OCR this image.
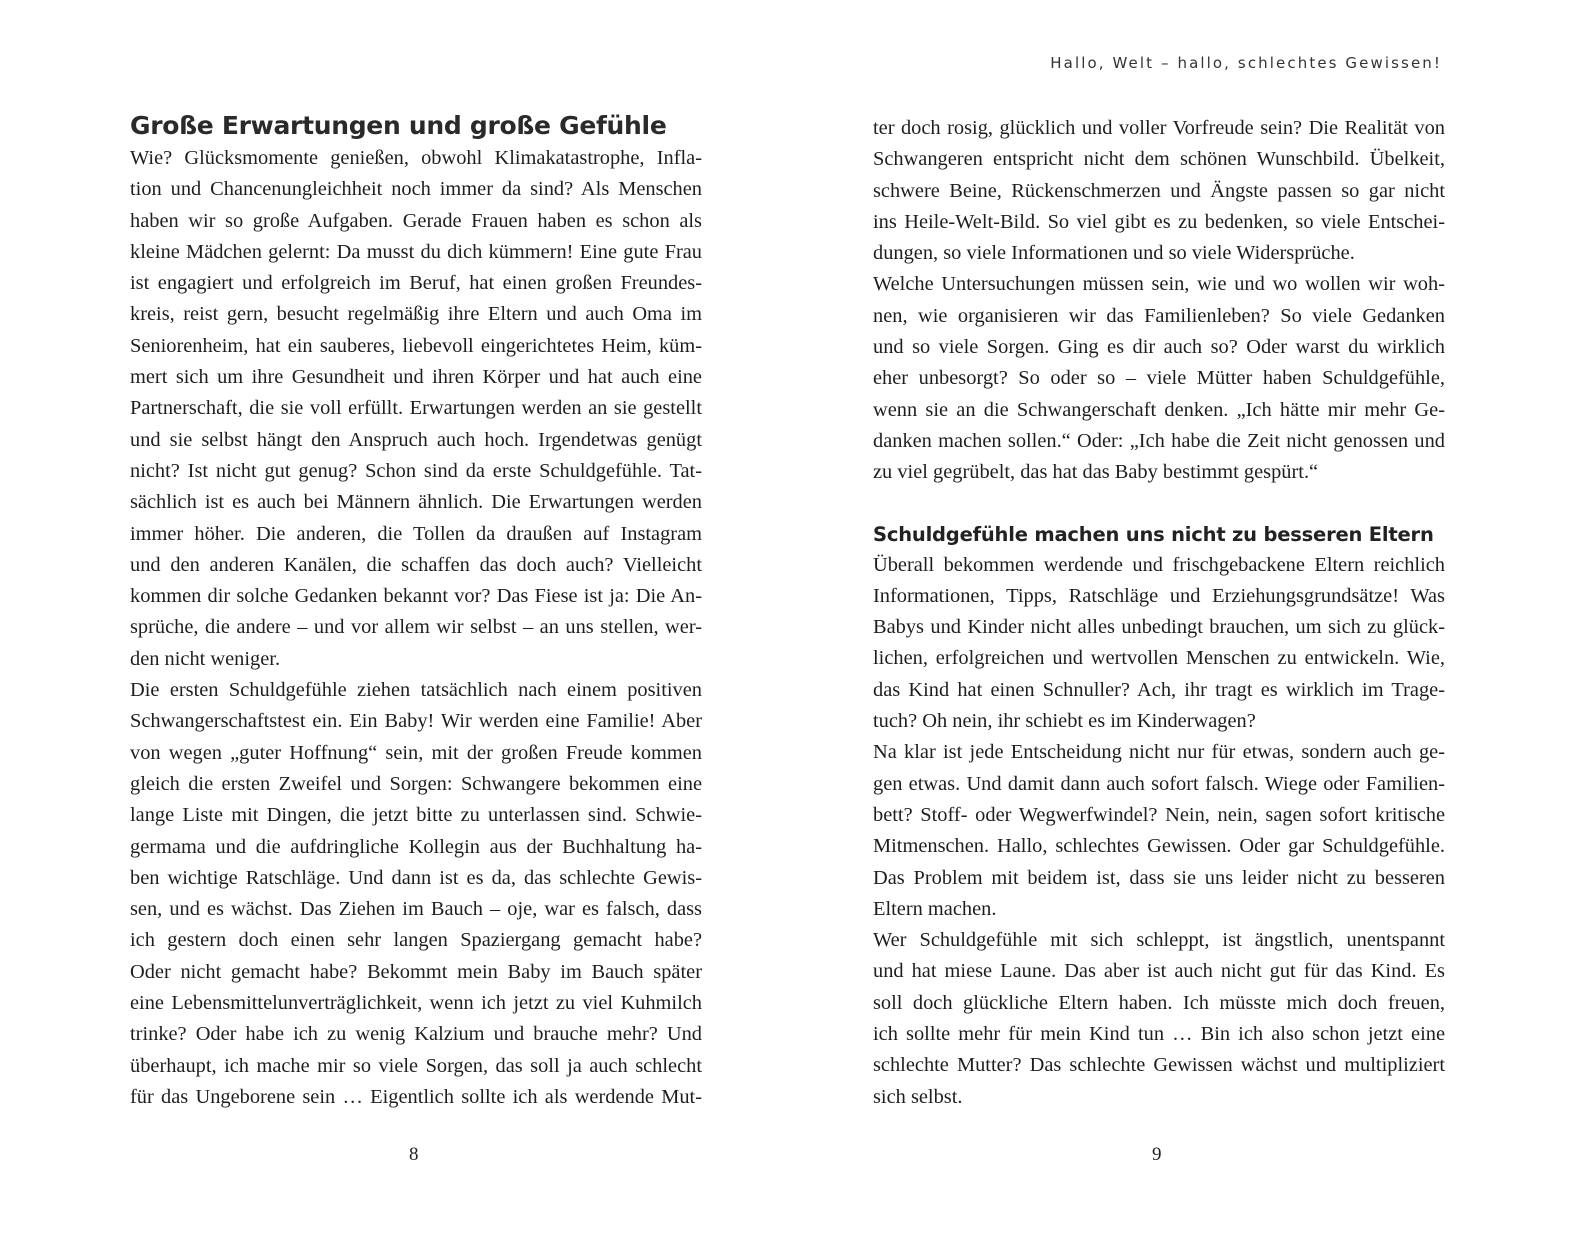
Große Erwartungen und große Gefühle
Wie? Glücksmomente genießen, obwohl Klimakatastrophe, Infla-
tion und Chancenungleichheit noch immer da sind? Als Menschen
haben wir so große Aufgaben. Gerade Frauen haben es schon als
kleine Mädchen gelernt: Da musst du dich kümmern! Eine gute Frau
ist engagiert und erfolgreich im Beruf, hat einen großen Freundes-
kreis, reist gern, besucht regelmäßig ihre Eltern und auch Oma im
Seniorenheim, hat ein sauberes, liebevoll eingerichtetes Heim, küm-
mert sich um ihre Gesundheit und ihren Körper und hat auch eine
Partnerschaft, die sie voll erfüllt. Erwartungen werden an sie gestellt
und sie selbst hängt den Anspruch auch hoch. Irgendetwas genügt
nicht? Ist nicht gut genug? Schon sind da erste Schuldgefühle. Tat-
sächlich ist es auch bei Männern ähnlich. Die Erwartungen werden
immer höher. Die anderen, die Tollen da draußen auf Instagram
und den anderen Kanälen, die schaffen das doch auch? Vielleicht
kommen dir solche Gedanken bekannt vor? Das Fiese ist ja: Die An-
sprüche, die andere – und vor allem wir selbst – an uns stellen, wer-
den nicht weniger.
Die ersten Schuldgefühle ziehen tatsächlich nach einem positiven
Schwangerschaftstest ein. Ein Baby! Wir werden eine Familie! Aber
von wegen „guter Hoffnung“ sein, mit der großen Freude kommen
gleich die ersten Zweifel und Sorgen: Schwangere bekommen eine
lange Liste mit Dingen, die jetzt bitte zu unterlassen sind. Schwie-
germama und die aufdringliche Kollegin aus der Buchhaltung ha-
ben wichtige Ratschläge. Und dann ist es da, das schlechte Gewis-
sen, und es wächst. Das Ziehen im Bauch – oje, war es falsch, dass
ich gestern doch einen sehr langen Spaziergang gemacht habe?
Oder nicht gemacht habe? Bekommt mein Baby im Bauch später
eine Lebensmittelunverträglichkeit, wenn ich jetzt zu viel Kuhmilch
trinke? Oder habe ich zu wenig Kalzium und brauche mehr? Und
überhaupt, ich mache mir so viele Sorgen, das soll ja auch schlecht
für das Ungeborene sein … Eigentlich sollte ich als werdende Mut-
8
Hallo, Welt – hallo, schlechtes Gewissen!
ter doch rosig, glücklich und voller Vorfreude sein? Die Realität von
Schwangeren entspricht nicht dem schönen Wunschbild. Übelkeit,
schwere Beine, Rückenschmerzen und Ängste passen so gar nicht
ins Heile-Welt-Bild. So viel gibt es zu bedenken, so viele Entschei-
dungen, so viele Informationen und so viele Widersprüche.
Welche Untersuchungen müssen sein, wie und wo wollen wir woh-
nen, wie organisieren wir das Familienleben? So viele Gedanken
und so viele Sorgen. Ging es dir auch so? Oder warst du wirklich
eher unbesorgt? So oder so – viele Mütter haben Schuldgefühle,
wenn sie an die Schwangerschaft denken. „Ich hätte mir mehr Ge-
danken machen sollen.“ Oder: „Ich habe die Zeit nicht genossen und
zu viel gegrübelt, das hat das Baby bestimmt gespürt.“
Schuldgefühle machen uns nicht zu besseren Eltern
Überall bekommen werdende und frischgebackene Eltern reichlich
Informationen, Tipps, Ratschläge und Erziehungsgrundsätze! Was
Babys und Kinder nicht alles unbedingt brauchen, um sich zu glück-
lichen, erfolgreichen und wertvollen Menschen zu entwickeln. Wie,
das Kind hat einen Schnuller? Ach, ihr tragt es wirklich im Trage-
tuch? Oh nein, ihr schiebt es im Kinderwagen?
Na klar ist jede Entscheidung nicht nur für etwas, sondern auch ge-
gen etwas. Und damit dann auch sofort falsch. Wiege oder Familien-
bett? Stoff- oder Wegwerfwindel? Nein, nein, sagen sofort kritische
Mitmenschen. Hallo, schlechtes Gewissen. Oder gar Schuldgefühle.
Das Problem mit beidem ist, dass sie uns leider nicht zu besseren
Eltern machen.
Wer Schuldgefühle mit sich schleppt, ist ängstlich, unentspannt
und hat miese Laune. Das aber ist auch nicht gut für das Kind. Es
soll doch glückliche Eltern haben. Ich müsste mich doch freuen,
ich sollte mehr für mein Kind tun … Bin ich also schon jetzt eine
schlechte Mutter? Das schlechte Gewissen wächst und multipliziert
sich selbst.
9
